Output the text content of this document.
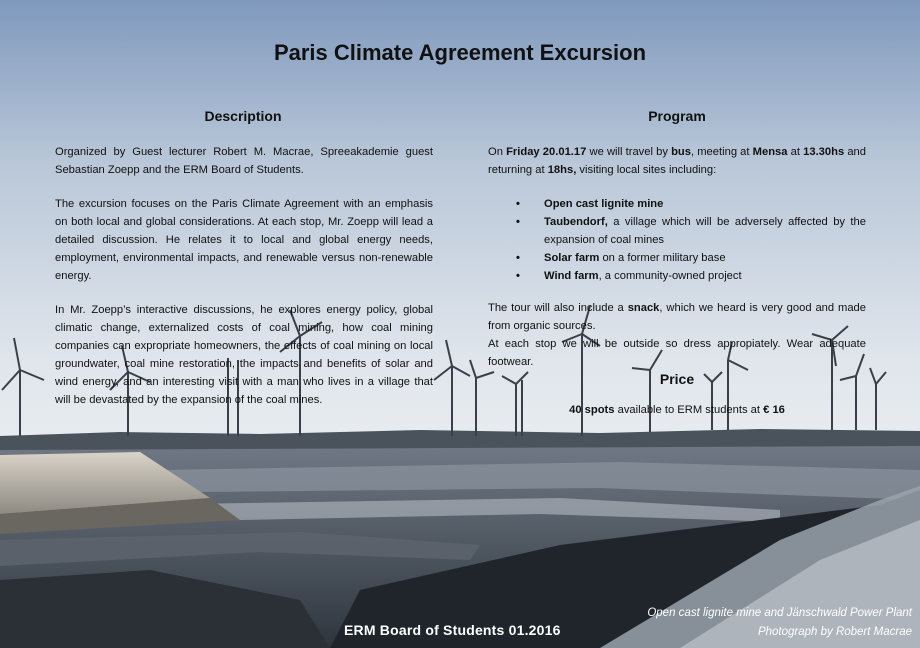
Paris Climate Agreement Excursion
Description

Organized by Guest lecturer Robert M. Macrae, Spreeakademie guest Sebastian Zoepp and the ERM Board of Students.

The excursion focuses on the Paris Climate Agreement with an emphasis on both local and global considerations. At each stop, Mr. Zoepp will lead a detailed discussion. He relates it to local and global energy needs, employment, environmental impacts, and renewable versus non-renewable energy.

In Mr. Zoepp’s interactive discussions, he explores energy policy, global climatic change, externalized costs of coal mining, how coal mining companies can expropriate homeowners, the effects of coal mining on local groundwater, coal mine restoration, the impacts and benefits of solar and wind energy, and an interesting visit with a man who lives in a village that will be devastated by the expansion of the coal mines.

Program

On Friday 20.01.17 we will travel by bus, meeting at Mensa at 13.30hs and returning at 18hs, visiting local sites including:

• Open cast lignite mine
• Taubendorf, a village which will be adversely affected by the expansion of coal mines
• Solar farm on a former military base
• Wind farm, a community-owned project

The tour will also include a snack, which we heard is very good and made from organic sources.

At each stop we will be outside so dress appropiately. Wear adequate footwear.

Price
40 spots available to ERM students at € 16
ERM Board of Students 01.2016
Open cast lignite mine and Jänschwald Power Plant
Photograph by Robert Macrae
